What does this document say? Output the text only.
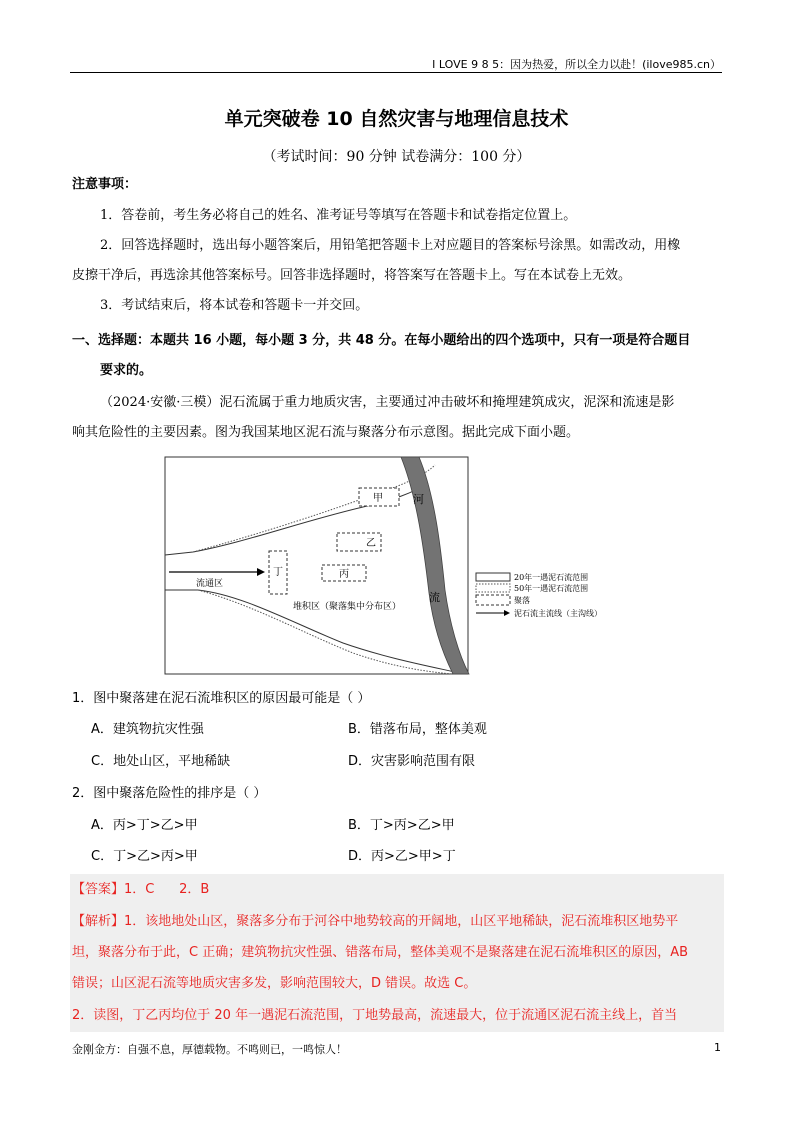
I LOVE 9 8 5：因为热爱，所以全力以赴！(ilove985.cn）
单元突破卷 10 自然灾害与地理信息技术
（考试时间：90 分钟 试卷满分：100 分）
注意事项：
1．答卷前，考生务必将自己的姓名、准考证号等填写在答题卡和试卷指定位置上。
2．回答选择题时，选出每小题答案后，用铅笔把答题卡上对应题目的答案标号涂黑。如需改动，用橡
皮擦干净后，再选涂其他答案标号。回答非选择题时，将答案写在答题卡上。写在本试卷上无效。
3．考试结束后，将本试卷和答题卡一并交回。
一、选择题：本题共 16 小题，每小题 3 分，共 48 分。在每小题给出的四个选项中，只有一项是符合题目
要求的。
（2024·安徽·三模）泥石流属于重力地质灾害，主要通过冲击破坏和掩埋建筑成灾，泥深和流速是影
响其危险性的主要因素。图为我国某地区泥石流与聚落分布示意图。据此完成下面小题。
河
流
甲
乙
丙
丁
流通区
堆积区（聚落集中分布区）
20年一遇泥石流范围
50年一遇泥石流范围
聚落
泥石流主流线（主沟线）
1．图中聚落建在泥石流堆积区的原因最可能是（ ）
A．建筑物抗灾性强	B．错落布局，整体美观
C．地处山区，平地稀缺	D．灾害影响范围有限
2．图中聚落危险性的排序是（ ）
A．丙>丁>乙>甲	B．丁>丙>乙>甲
C．丁>乙>丙>甲	D．丙>乙>甲>丁
【答案】1．C      2．B
【解析】1．该地地处山区，聚落多分布于河谷中地势较高的开阔地，山区平地稀缺，泥石流堆积区地势平
坦，聚落分布于此，C 正确；建筑物抗灾性强、错落布局，整体美观不是聚落建在泥石流堆积区的原因，AB
错误；山区泥石流等地质灾害多发，影响范围较大，D 错误。故选 C。
2．读图，丁乙丙均位于 20 年一遇泥石流范围，丁地势最高，流速最大，位于流通区泥石流主线上，首当
金刚金方：自强不息，厚德载物。不鸣则已，一鸣惊人！	1
